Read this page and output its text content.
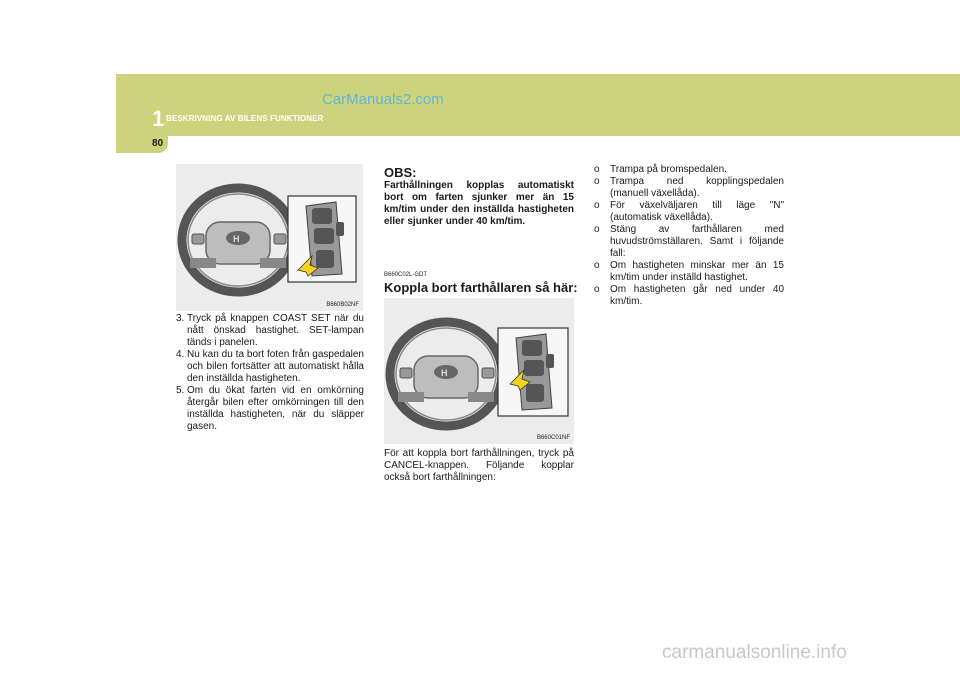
1 BESKRIVNING AV BILENS FUNKTIONER
CarManuals2.com
80
H
B660B02NF
3. Tryck på knappen COAST SET när du nått önskad hastighet. SET-lampan tänds i panelen.
4. Nu kan du ta bort foten från gaspedalen och bilen fortsätter att automatiskt hålla den inställda hastigheten.
5. Om du ökat farten vid en omkörning återgår bilen efter omkörningen till den inställda hastigheten, när du släpper gasen.
OBS:
Farthållningen kopplas automatiskt bort om farten sjunker mer än 15 km/tim under den inställda hastigheten eller sjunker under 40 km/tim.
B660C02L-GDT
Koppla bort farthållaren så här:
H
B660C01NF
För att koppla bort farthållningen, tryck på CANCEL-knappen. Följande kopplar också bort farthållningen:
o Trampa på bromspedalen.
o Trampa ned kopplingspedalen (manuell växellåda).
o För växelväljaren till läge "N" (automatisk växellåda).
o Stäng av farthållaren med huvudströmställaren. Samt i följande fall:
o Om hastigheten minskar mer än 15 km/tim under inställd hastighet.
o Om hastigheten går ned under 40 km/tim.
carmanualsonline.info
